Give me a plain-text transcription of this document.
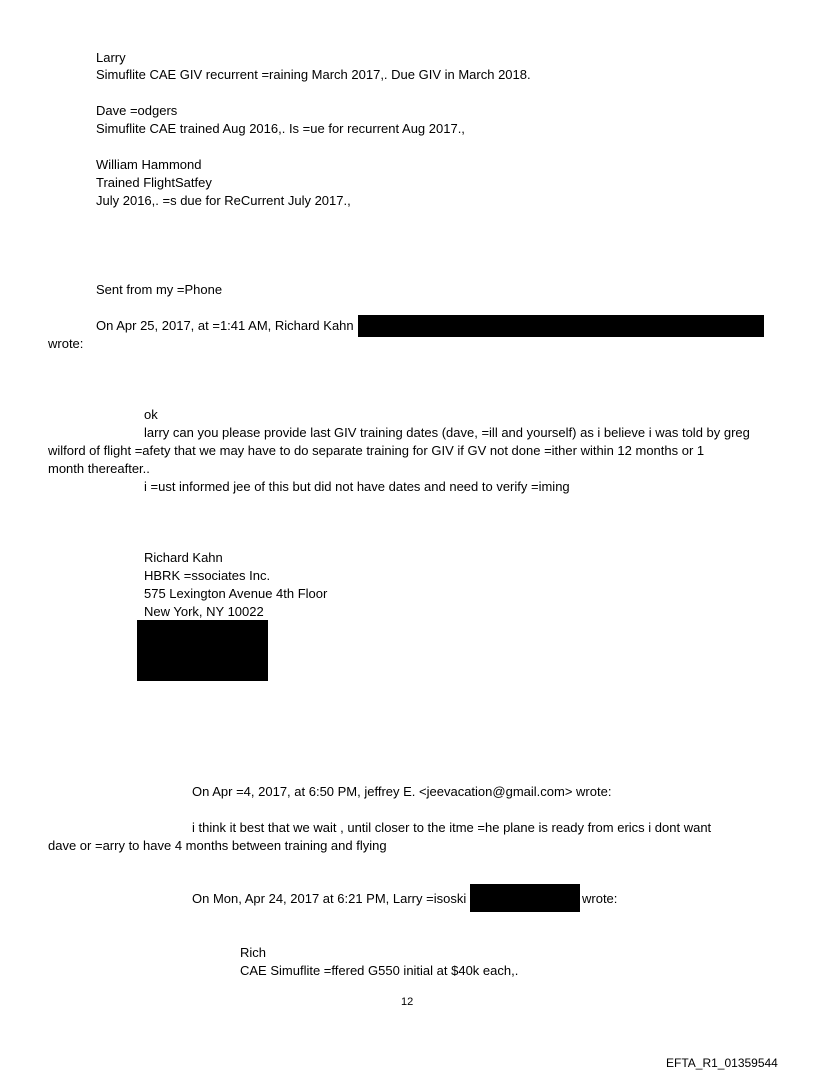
Larry
Simuflite CAE GIV recurrent =raining March 2017,. Due GIV in March 2018.
Dave =odgers
Simuflite CAE trained Aug 2016,. Is =ue for recurrent Aug 2017.,
William Hammond
Trained FlightSatfey
July 2016,. =s due for ReCurrent July 2017.,
Sent from my =Phone
On Apr 25, 2017, at =1:41 AM, Richard Kahn
wrote:
ok
larry can you please provide last GIV training dates (dave, =ill and yourself) as i believe i was told by greg
wilford of flight =afety that we may have to do separate training for GIV if GV not done =ither within 12 months or 1
month thereafter..
i =ust informed jee of this but did not have dates and need to verify =iming
Richard Kahn
HBRK =ssociates Inc.
575 Lexington Avenue 4th Floor
New York, NY 10022
On Apr =4, 2017, at 6:50 PM, jeffrey E. <jeevacation@gmail.com> wrote:
i think it best that we wait , until closer to the itme =he plane is ready from erics i dont want
dave or =arry to have 4 months between training and flying
On Mon, Apr 24, 2017 at 6:21 PM, Larry =isoski	wrote:
Rich
CAE Simuflite =ffered G550 initial at $40k each,.
12
EFTA_R1_01359544
